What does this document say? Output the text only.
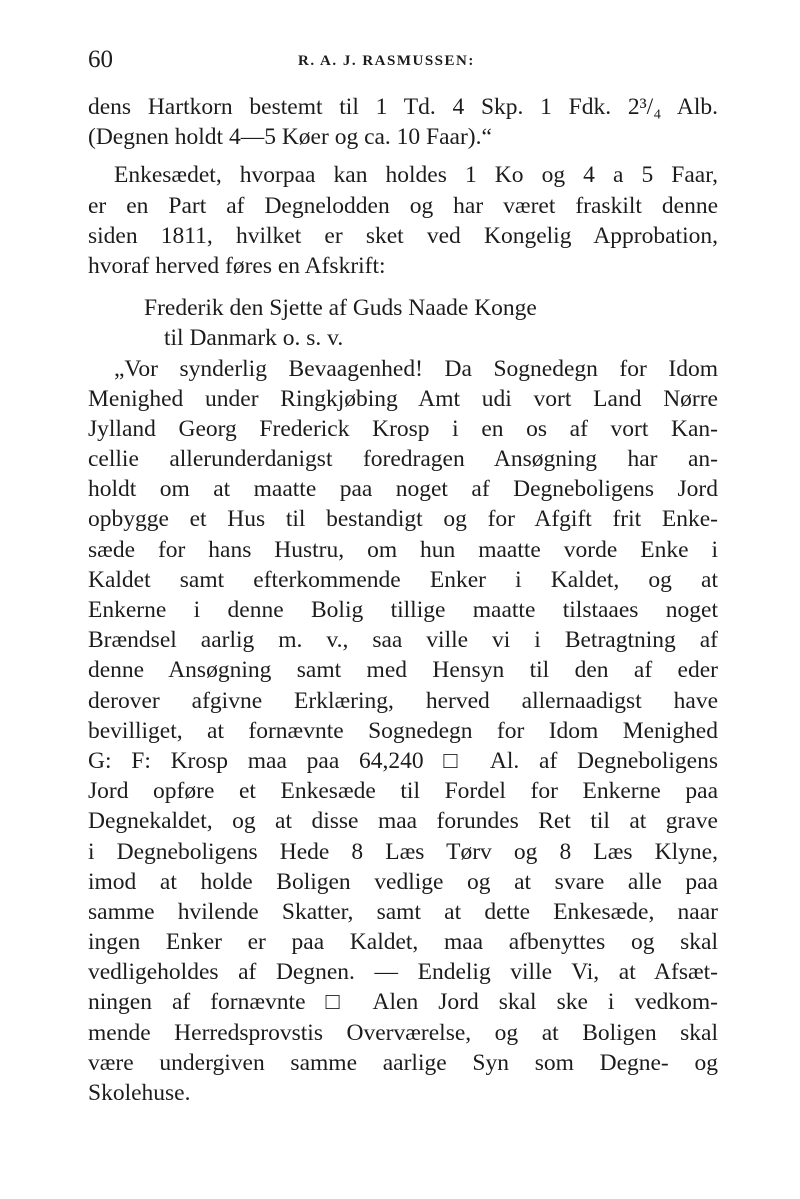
60	R. A. J. RASMUSSEN:
dens Hartkorn bestemt til 1 Td. 4 Skp. 1 Fdk. 2³/₄ Alb.
(Degnen holdt 4—5 Køer og ca. 10 Faar).“
Enkesædet, hvorpaa kan holdes 1 Ko og 4 a 5 Faar,
er en Part af Degnelodden og har været fraskilt denne
siden 1811, hvilket er sket ved Kongelig Approbation,
hvoraf herved føres en Afskrift:
Frederik den Sjette af Guds Naade Konge
til Danmark o. s. v.
„Vor synderlig Bevaagenhed! Da Sognedegn for Idom
Menighed under Ringkjøbing Amt udi vort Land Nørre
Jylland Georg Frederick Krosp i en os af vort Kan-
cellie allerunderdanigst foredragen Ansøgning har an-
holdt om at maatte paa noget af Degneboligens Jord
opbygge et Hus til bestandigt og for Afgift frit Enke-
sæde for hans Hustru, om hun maatte vorde Enke i
Kaldet samt efterkommende Enker i Kaldet, og at
Enkerne i denne Bolig tillige maatte tilstaaes noget
Brændsel aarlig m. v., saa ville vi i Betragtning af
denne Ansøgning samt med Hensyn til den af eder
derover afgivne Erklæring, herved allernaadigst have
bevilliget, at fornævnte Sognedegn for Idom Menighed
G: F: Krosp maa paa 64,240 □ Al. af Degneboligens
Jord opføre et Enkesæde til Fordel for Enkerne paa
Degnekaldet, og at disse maa forundes Ret til at grave
i Degneboligens Hede 8 Læs Tørv og 8 Læs Klyne,
imod at holde Boligen vedlige og at svare alle paa
samme hvilende Skatter, samt at dette Enkesæde, naar
ingen Enker er paa Kaldet, maa afbenyttes og skal
vedligeholdes af Degnen. — Endelig ville Vi, at Afsæt-
ningen af fornævnte □ Alen Jord skal ske i vedkom-
mende Herredsprovstis Overværelse, og at Boligen skal
være undergiven samme aarlige Syn som Degne- og
Skolehuse.
